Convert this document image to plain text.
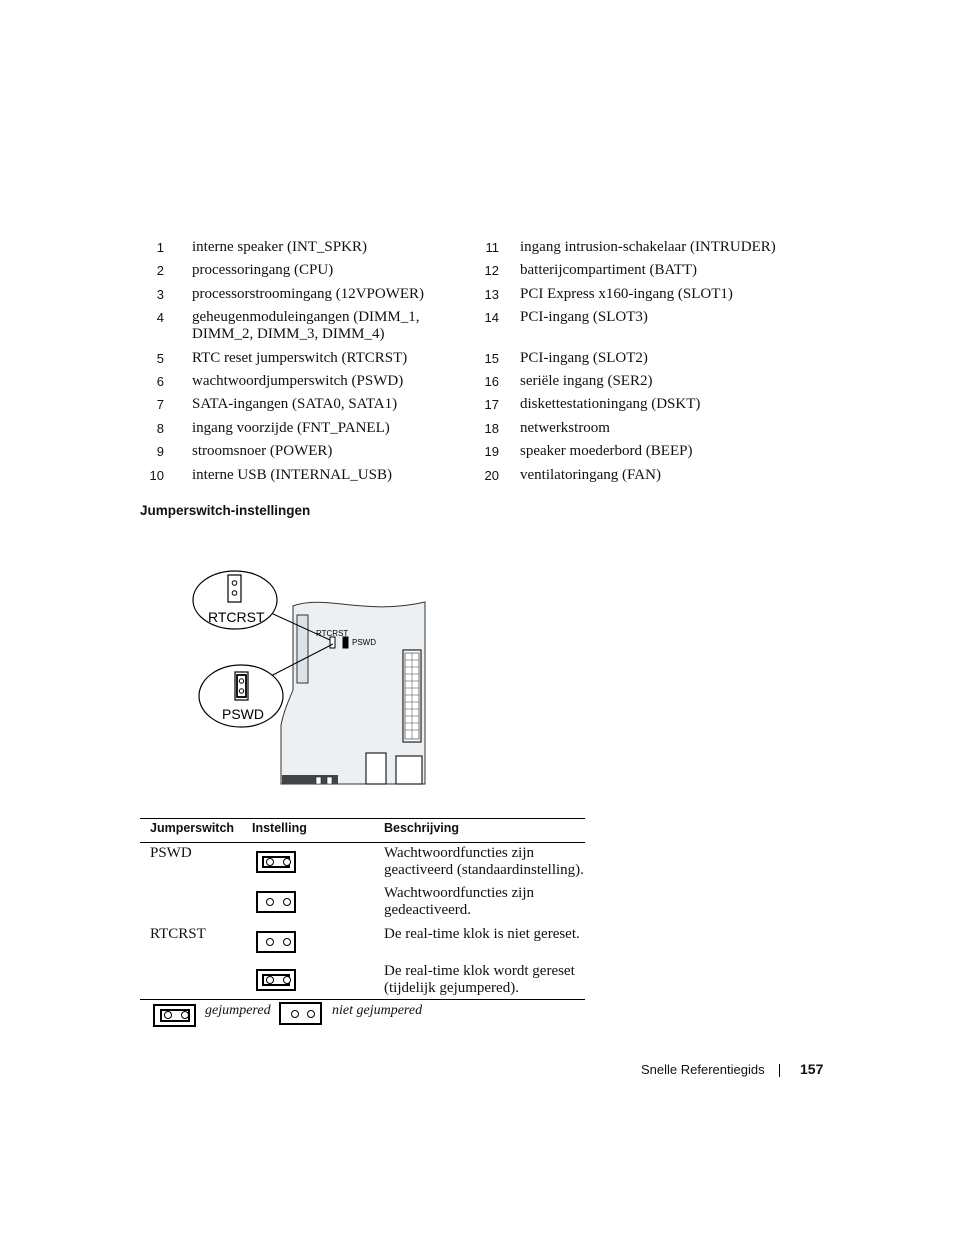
1 interne speaker (INT_SPKR)
2 processoringang (CPU)
3 processorstroomingang (12VPOWER)
4 geheugenmoduleingangen (DIMM_1,
DIMM_2, DIMM_3, DIMM_4)
5 RTC reset jumperswitch (RTCRST)
6 wachtwoordjumperswitch (PSWD)
7 SATA-ingangen (SATA0, SATA1)
8 ingang voorzijde (FNT_PANEL)
9 stroomsnoer (POWER)
10 interne USB (INTERNAL_USB)
11 ingang intrusion-schakelaar (INTRUDER)
12 batterijcompartiment (BATT)
13 PCI Express x160-ingang (SLOT1)
14 PCI-ingang (SLOT3)
15 PCI-ingang (SLOT2)
16 seriële ingang (SER2)
17 diskettestationingang (DSKT)
18 netwerkstroom
19 speaker moederbord (BEEP)
20 ventilatoringang (FAN)
Jumperswitch-instellingen
RTCRST
PSWD
RTCRST
PSWD
Jumperswitch Instelling	Beschrijving
PSWD	Wachtwoordfuncties zijn geactiveerd (standaardinstelling).
Wachtwoordfuncties zijn gedeactiveerd.
RTCRST	De real-time klok is niet gereset.
De real-time klok wordt gereset (tijdelijk gejumpered).
gejumpered	niet gejumpered
Snelle Referentiegids	157
